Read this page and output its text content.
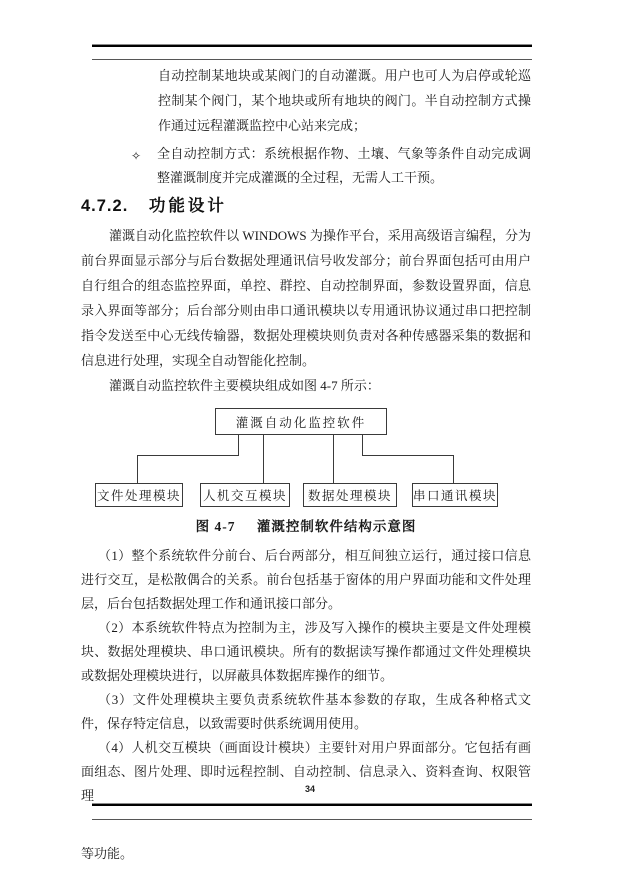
自动控制某地块或某阀门的自动灌溉。用户也可人为启停或轮巡控制某个阀门，某个地块或所有地块的阀门。半自动控制方式操作通过远程灌溉监控中心站来完成；

✧ 全自动控制方式：系统根据作物、土壤、气象等条件自动完成调整灌溉制度并完成灌溉的全过程，无需人工干预。
4.7.2. 功能设计

灌溉自动化监控软件以 WINDOWS 为操作平台，采用高级语言编程，分为前台界面显示部分与后台数据处理通讯信号收发部分；前台界面包括可由用户自行组合的组态监控界面，单控、群控、自动控制界面，参数设置界面，信息录入界面等部分；后台部分则由串口通讯模块以专用通讯协议通过串口把控制指令发送至中心无线传输器，数据处理模块则负责对各种传感器采集的数据和信息进行处理，实现全自动智能化控制。

灌溉自动监控软件主要模块组成如图 4-7 所示：

灌溉自动化监控软件
文件处理模块 人机交互模块	数据处理模块	串口通讯模块

图 4-7 灌溉控制软件结构示意图

（1）整个系统软件分前台、后台两部分，相互间独立运行，通过接口信息进行交互，是松散偶合的关系。前台包括基于窗体的用户界面功能和文件处理层，后台包括数据处理工作和通讯接口部分。

（2）本系统软件特点为控制为主，涉及写入操作的模块主要是文件处理模块、数据处理模块、串口通讯模块。所有的数据读写操作都通过文件处理模块或数据处理模块进行，以屏蔽具体数据库操作的细节。

（3）文件处理模块主要负责系统软件基本参数的存取，生成各种格式文件，保存特定信息，以致需要时供系统调用使用。

（4）人机交互模块（画面设计模块）主要针对用户界面部分。它包括有画面组态、图片处理、即时远程控制、自动控制、信息录入、资料查询、权限管理	34

等功能。
